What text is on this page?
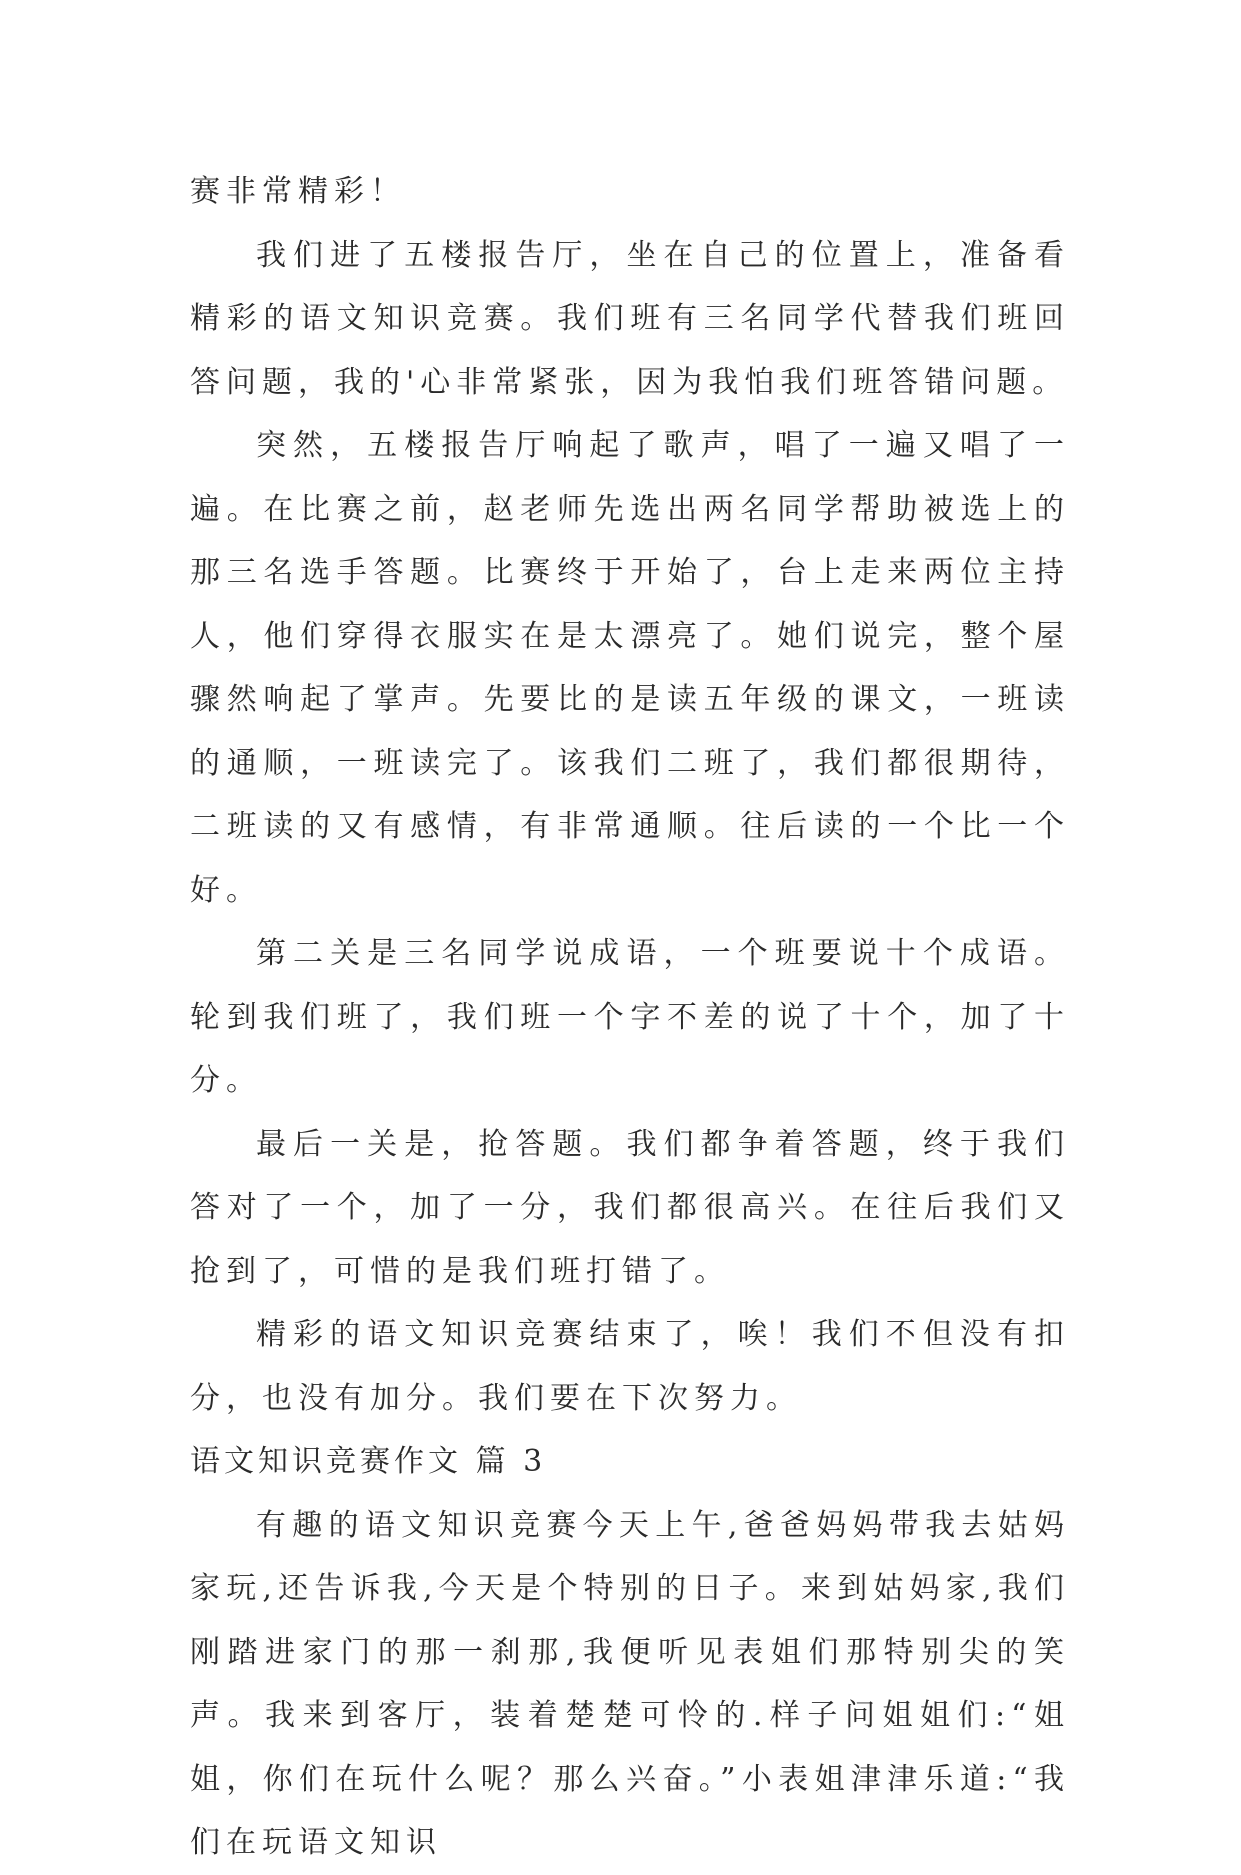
赛非常精彩！

我们进了五楼报告厅，坐在自己的位置上，准备看精彩的语文知识竞赛。我们班有三名同学代替我们班回答问题，我的'心非常紧张，因为我怕我们班答错问题。

突然，五楼报告厅响起了歌声，唱了一遍又唱了一遍。在比赛之前，赵老师先选出两名同学帮助被选上的那三名选手答题。比赛终于开始了，台上走来两位主持人，他们穿得衣服实在是太漂亮了。她们说完，整个屋骤然响起了掌声。先要比的是读五年级的课文，一班读的通顺，一班读完了。该我们二班了，我们都很期待，二班读的又有感情，有非常通顺。往后读的一个比一个好。

第二关是三名同学说成语，一个班要说十个成语。轮到我们班了，我们班一个字不差的说了十个，加了十分。

最后一关是，抢答题。我们都争着答题，终于我们答对了一个，加了一分，我们都很高兴。在往后我们又抢到了，可惜的是我们班打错了。

精彩的语文知识竞赛结束了，唉！我们不但没有扣分，也没有加分。我们要在下次努力。

语文知识竞赛作文 篇 3

有趣的语文知识竞赛今天上午,爸爸妈妈带我去姑妈家玩,还告诉我,今天是个特别的日子。来到姑妈家,我们刚踏进家门的那一刹那,我便听见表姐们那特别尖的笑声。我来到客厅，装着楚楚可怜的.样子问姐姐们:“姐姐，你们在玩什么呢？那么兴奋。”小表姐津津乐道:“我们在玩语文知识
